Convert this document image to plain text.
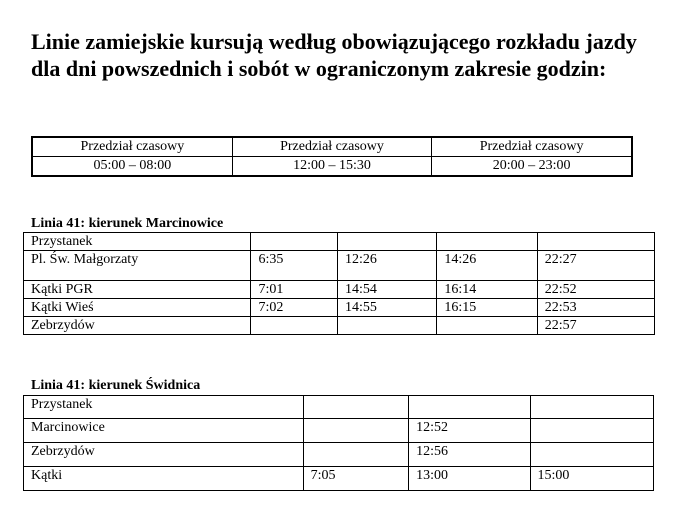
Linie zamiejskie kursują według obowiązującego rozkładu jazdy dla dni powszednich i sobót w ograniczonym zakresie godzin:
Przedział czasowy	Przedział czasowy	Przedział czasowy
05:00 – 08:00	12:00 – 15:30	20:00 – 23:00

Linia 41: kierunek Marcinowice

Przystanek				
Pl. Św. Małgorzaty	6:35	12:26	14:26	22:27
Kątki PGR	7:01	14:54	16:14	22:52
Kątki Wieś	7:02	14:55	16:15	22:53
Zebrzydów				22:57

Linia 41: kierunek Świdnica

Przystanek			
Marcinowice		12:52	
Zebrzydów		12:56	
Kątki	7:05	13:00	15:00
